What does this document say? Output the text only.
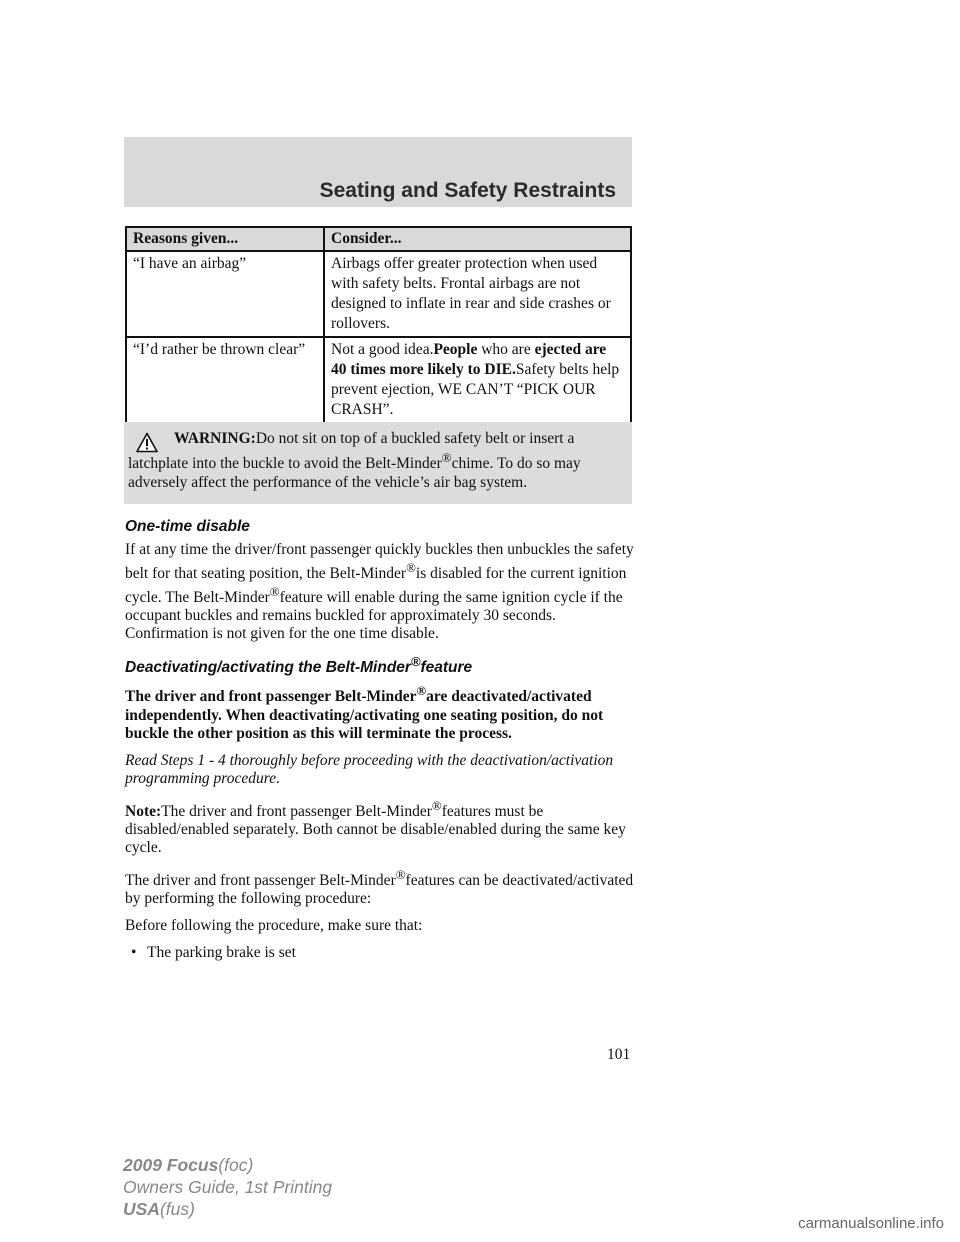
Seating and Safety Restraints
Reasons given...	Consider...
“I have an airbag”	Airbags offer greater protection when used with safety belts. Frontal airbags are not designed to inflate in rear and side crashes or rollovers.
“I’d rather be thrown clear”	Not a good idea.People who are ejected are 40 times more likely to DIE.Safety belts help prevent ejection, WE CAN’T “PICK OUR CRASH”.
WARNING:Do not sit on top of a buckled safety belt or insert a latchplate into the buckle to avoid the Belt-Minder®chime. To do so may adversely affect the performance of the vehicle’s air bag system.
One-time disable

If at any time the driver/front passenger quickly buckles then unbuckles the safety belt for that seating position, the Belt-Minder®is disabled for the current ignition cycle. The Belt-Minder®feature will enable during the same ignition cycle if the occupant buckles and remains buckled for approximately 30 seconds. Confirmation is not given for the one time disable.

Deactivating/activating the Belt-Minder®feature

The driver and front passenger Belt-Minder®are deactivated/activated independently. When deactivating/activating one seating position, do not buckle the other position as this will terminate the process.

Read Steps 1 - 4 thoroughly before proceeding with the deactivation/activation programming procedure.

Note:The driver and front passenger Belt-Minder®features must be disabled/enabled separately. Both cannot be disable/enabled during the same key cycle.

The driver and front passenger Belt-Minder®features can be deactivated/activated by performing the following procedure:

Before following the procedure, make sure that:

• The parking brake is set
101
2009 Focus(foc)
Owners Guide, 1st Printing
USA(fus)
carmanualsonline.info
